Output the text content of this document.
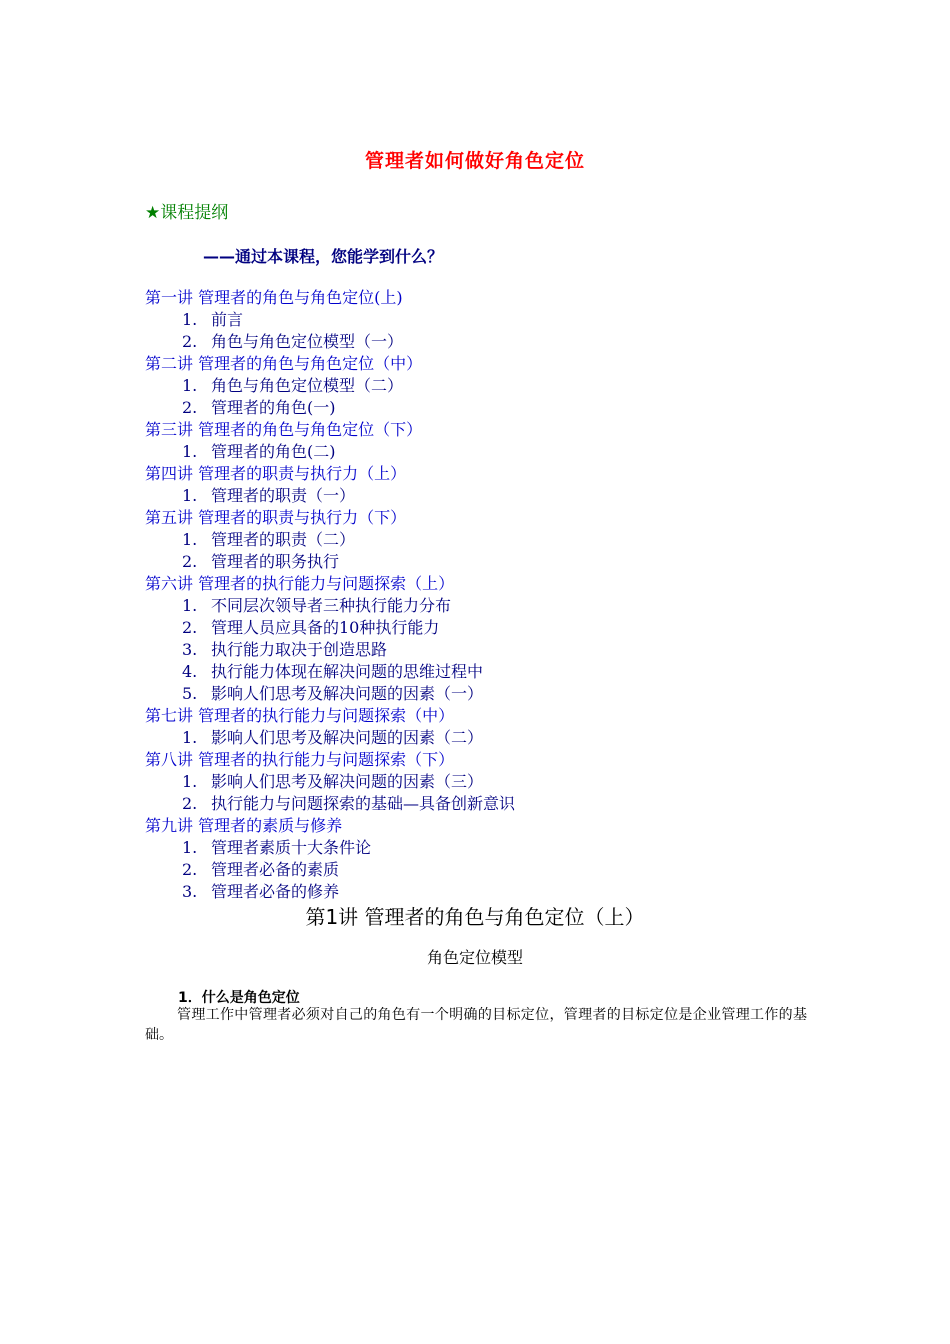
管理者如何做好角色定位
★课程提纲
——通过本课程，您能学到什么？
第一讲 管理者的角色与角色定位(上)
1. 前言
2. 角色与角色定位模型（一）
第二讲 管理者的角色与角色定位（中）
1. 角色与角色定位模型（二）
2. 管理者的角色(一)
第三讲 管理者的角色与角色定位（下）
1. 管理者的角色(二)
第四讲 管理者的职责与执行力（上）
1. 管理者的职责（一）
第五讲 管理者的职责与执行力（下）
1. 管理者的职责（二）
2. 管理者的职务执行
第六讲 管理者的执行能力与问题探索（上）
1. 不同层次领导者三种执行能力分布
2. 管理人员应具备的10种执行能力
3. 执行能力取决于创造思路
4. 执行能力体现在解决问题的思维过程中
5. 影响人们思考及解决问题的因素（一）
第七讲 管理者的执行能力与问题探索（中）
1. 影响人们思考及解决问题的因素（二）
第八讲 管理者的执行能力与问题探索（下）
1. 影响人们思考及解决问题的因素（三）
2. 执行能力与问题探索的基础—具备创新意识
第九讲 管理者的素质与修养
1. 管理者素质十大条件论
2. 管理者必备的素质
3. 管理者必备的修养
第1讲 管理者的角色与角色定位（上）
角色定位模型
1．什么是角色定位
管理工作中管理者必须对自己的角色有一个明确的目标定位，管理者的目标定位是企业管理工作的基础。
